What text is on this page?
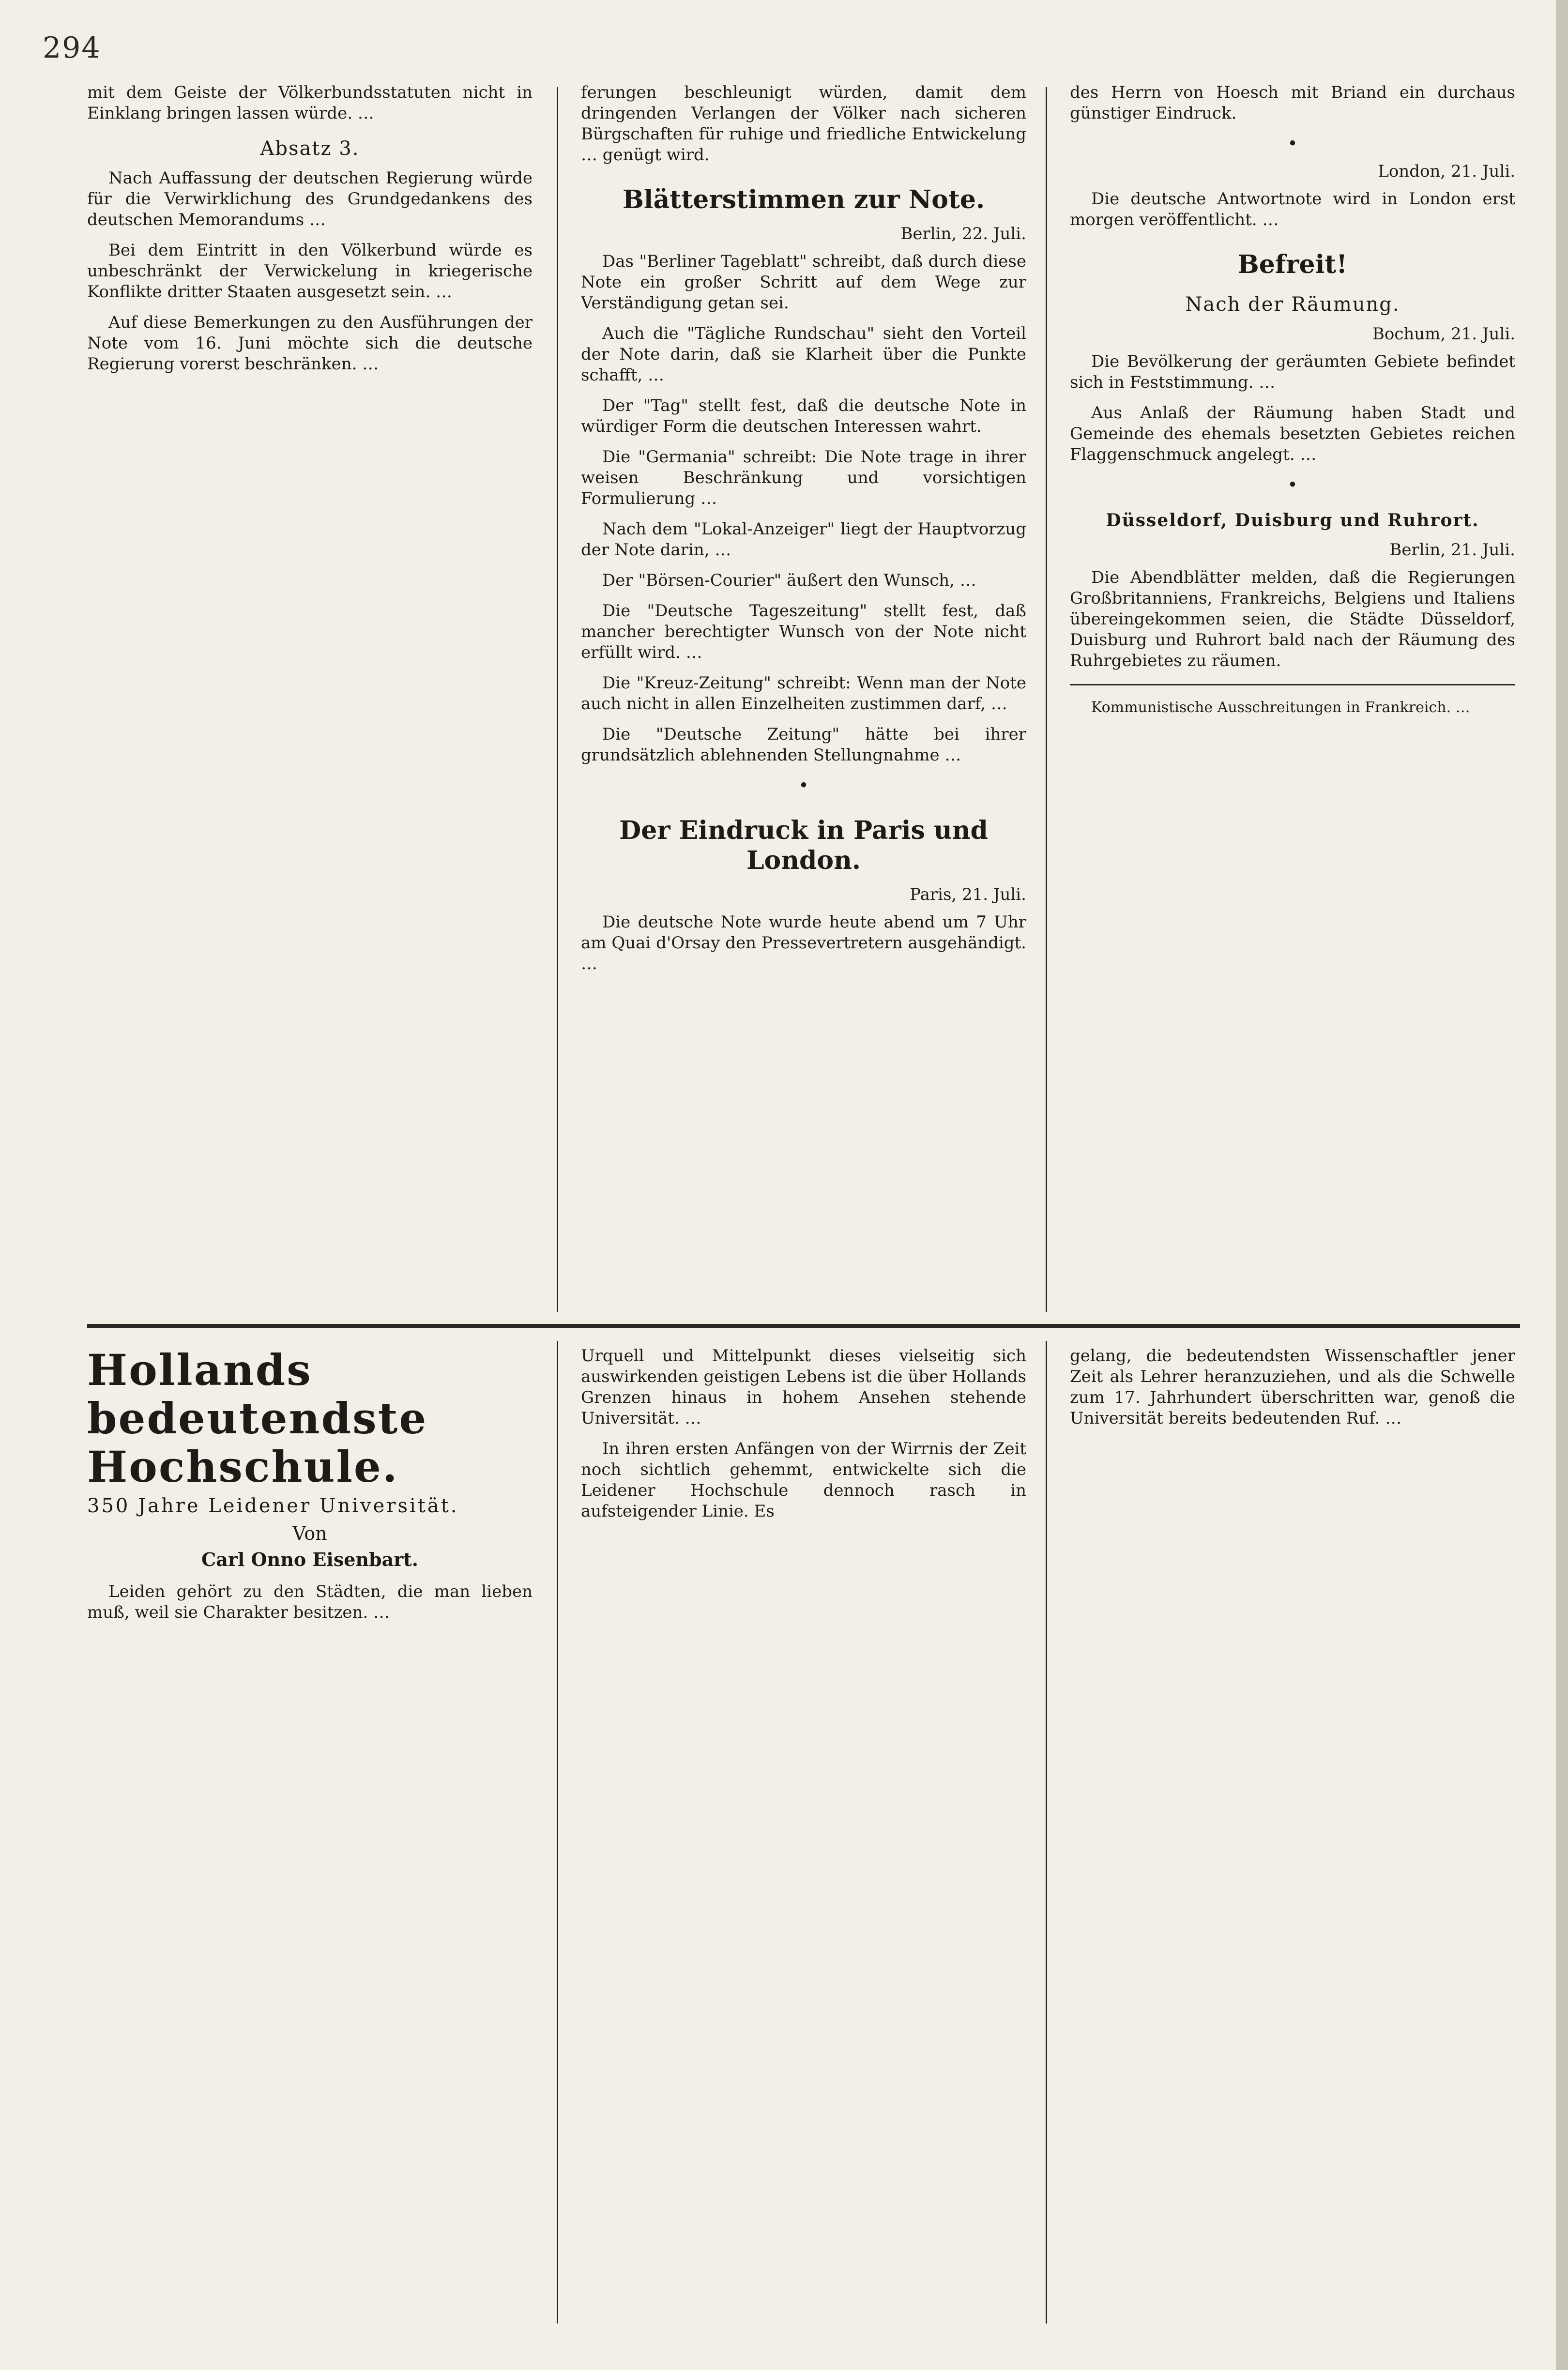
294

mit dem Geiste der Völkerbundsstatuten nicht in Einklang bringen lassen würde. …

Absatz 3.

Nach Auffassung der deutschen Regierung würde für die Verwirklichung des Grundgedankens des deutschen Memorandums …

Bei dem Eintritt in den Völkerbund würde es unbeschränkt der Verwickelung in kriegerische Konflikte dritter Staaten ausgesetzt sein. …

Auf diese Bemerkungen zu den Ausführungen der Note vom 16. Juni möchte sich die deutsche Regierung vorerst beschränken. …

ferungen beschleunigt würden, damit dem dringenden Verlangen der Völker nach sicheren Bürgschaften für ruhige und friedliche Entwickelung … genügt wird.

Blätterstimmen zur Note.
Berlin, 22. Juli.

Das "Berliner Tageblatt" schreibt, daß durch diese Note ein großer Schritt auf dem Wege zur Verständigung getan sei.

Auch die "Tägliche Rundschau" sieht den Vorteil der Note darin, daß sie Klarheit über die Punkte schafft, …

Der "Tag" stellt fest, daß die deutsche Note in würdiger Form die deutschen Interessen wahrt.

Die "Germania" schreibt: Die Note trage in ihrer weisen Beschränkung und vorsichtigen Formulierung …

Nach dem "Lokal-Anzeiger" liegt der Hauptvorzug der Note darin, …

Der "Börsen-Courier" äußert den Wunsch, …

Die "Deutsche Tageszeitung" stellt fest, daß mancher berechtigter Wunsch von der Note nicht erfüllt wird. …

Die "Kreuz-Zeitung" schreibt: Wenn man der Note auch nicht in allen Einzelheiten zustimmen darf, …

Die "Deutsche Zeitung" hätte bei ihrer grundsätzlich ablehnenden Stellungnahme …

•
Der Eindruck in Paris und London.
Paris, 21. Juli.

Die deutsche Note wurde heute abend um 7 Uhr am Quai d'Orsay den Pressevertretern ausgehändigt. …

des Herrn von Hoesch mit Briand ein durchaus günstiger Eindruck.

•
London, 21. Juli.

Die deutsche Antwortnote wird in London erst morgen veröffentlicht. …

Befreit!
Nach der Räumung.
Bochum, 21. Juli.

Die Bevölkerung der geräumten Gebiete befindet sich in Feststimmung. …

Aus Anlaß der Räumung haben Stadt und Gemeinde des ehemals besetzten Gebietes reichen Flaggenschmuck angelegt. …

•
Düsseldorf, Duisburg und Ruhrort.
Berlin, 21. Juli.

Die Abendblätter melden, daß die Regierungen Großbritanniens, Frankreichs, Belgiens und Italiens übereingekommen seien, die Städte Düsseldorf, Duisburg und Ruhrort bald nach der Räumung des Ruhrgebietes zu räumen.

Kommunistische Ausschreitungen in Frankreich. …

Hollands bedeutendste Hochschule.
350 Jahre Leidener Universität.
Von
Carl Onno Eisenbart.

Leiden gehört zu den Städten, die man lieben muß, weil sie Charakter besitzen. …

Urquell und Mittelpunkt dieses vielseitig sich auswirkenden geistigen Lebens ist die über Hollands Grenzen hinaus in hohem Ansehen stehende Universität. …

In ihren ersten Anfängen von der Wirrnis der Zeit noch sichtlich gehemmt, entwickelte sich die Leidener Hochschule dennoch rasch in aufsteigender Linie. Es

gelang, die bedeutendsten Wissenschaftler jener Zeit als Lehrer heranzuziehen, und als die Schwelle zum 17. Jahrhundert überschritten war, genoß die Universität bereits bedeutenden Ruf. …
